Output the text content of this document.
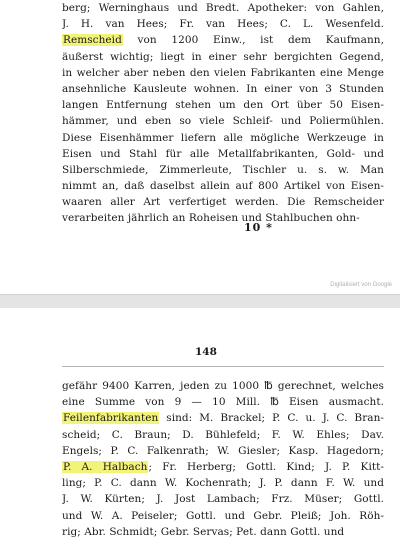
berg; Werninghaus und Bredt. Apotheker: von Gahlen,
J. H. van Hees; Fr. van Hees; C. L. Wesenfeld.
Remscheid von 1200 Einw., ist dem Kaufmann,
äußerst wichtig; liegt in einer sehr bergichten Gegend,
in welcher aber neben den vielen Fabrikanten eine Menge
ansehnliche Kausleute wohnen. In einer von 3 Stunden
langen Entfernung stehen um den Ort über 50 Eisen-
hämmer, und eben so viele Schleif- und Poliermühlen.
Diese Eisenhämmer liefern alle mögliche Werkzeuge in
Eisen und Stahl für alle Metallfabrikanten, Gold- und
Silberschmiede, Zimmerleute, Tischler u. s. w. Man
nimmt an, daß daselbst allein auf 800 Artikel von Eisen-
waaren aller Art verfertiget werden. Die Remscheider
verarbeiten jährlich an Roheisen und Stahlbuchen ohn-
10 *
Digitalisiert von Google
148
gefähr 9400 Karren, jeden zu 1000 ℔ gerechnet, welches
eine Summe von 9 — 10 Mill. ℔ Eisen ausmacht.
Feilenfabrikanten sind: M. Brackel; P. C. u. J. C. Bran-
scheid; C. Braun; D. Bühlefeld; F. W. Ehles; Dav.
Engels; P. C. Falkenrath; W. Giesler; Kasp. Hagedorn;
P. A. Halbach; Fr. Herberg; Gottl. Kind; J. P. Kitt-
ling; P. C. dann W. Kochenrath; J. P. dann F. W. und
J. W. Kürten; J. Jost Lambach; Frz. Müser; Gottl.
und W. A. Peiseler; Gottl. und Gebr. Pleiß; Joh. Röh-
rig; Abr. Schmidt; Gebr. Servas; Pet. dann Gottl. und
